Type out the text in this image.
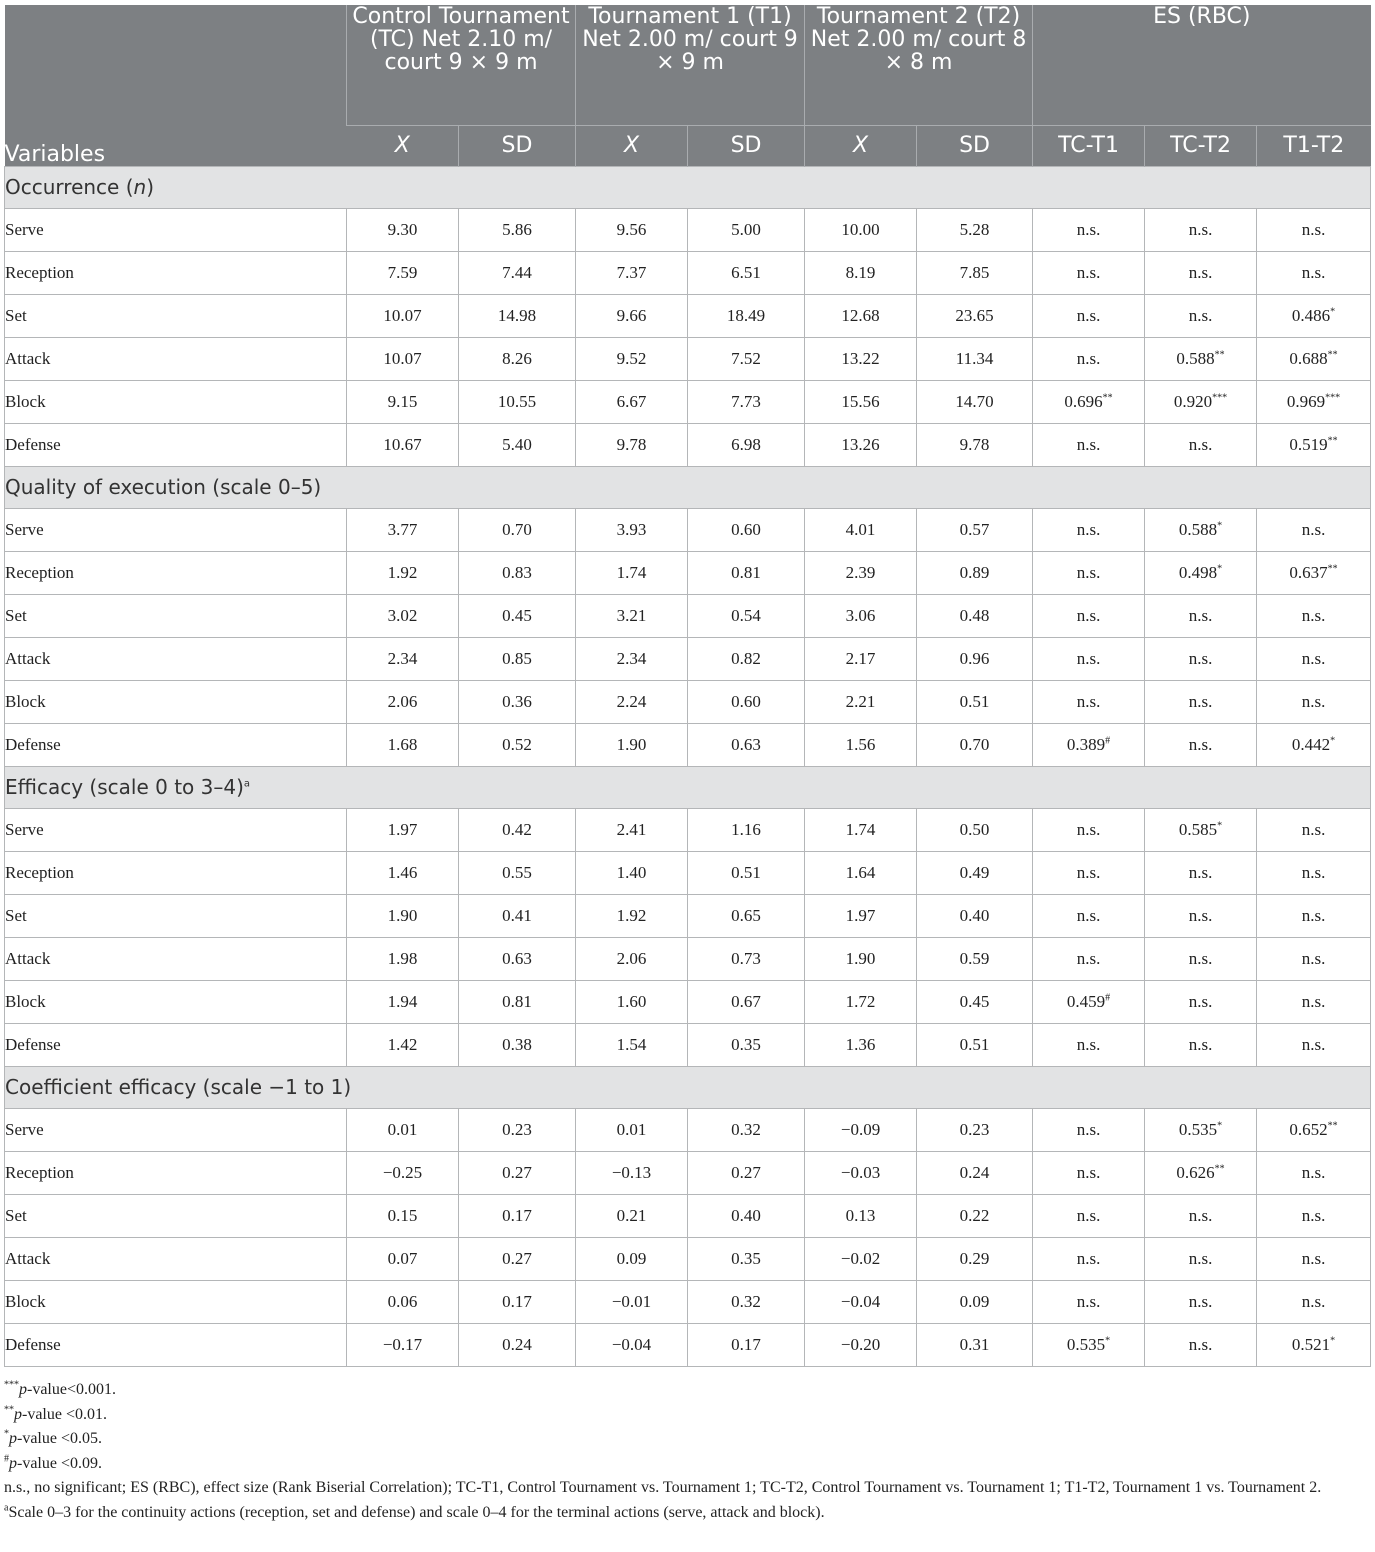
Variables	Control Tournament (TC) Net 2.10 m/ court 9 × 9 m		Tournament 1 (T1) Net 2.00 m/ court 9 × 9 m		Tournament 2 (T2) Net 2.00 m/ court 8 × 8 m		ES (RBC)		
	X	SD	X	SD	X	SD	TC-T1	TC-T2	T1-T2
Occurrence (n)									
Serve	9.30	5.86	9.56	5.00	10.00	5.28	n.s.	n.s.	n.s.
Reception	7.59	7.44	7.37	6.51	8.19	7.85	n.s.	n.s.	n.s.
Set	10.07	14.98	9.66	18.49	12.68	23.65	n.s.	n.s.	0.486*
Attack	10.07	8.26	9.52	7.52	13.22	11.34	n.s.	0.588**	0.688**
Block	9.15	10.55	6.67	7.73	15.56	14.70	0.696**	0.920***	0.969***
Defense	10.67	5.40	9.78	6.98	13.26	9.78	n.s.	n.s.	0.519**
Quality of execution (scale 0–5)									
Serve	3.77	0.70	3.93	0.60	4.01	0.57	n.s.	0.588*	n.s.
Reception	1.92	0.83	1.74	0.81	2.39	0.89	n.s.	0.498*	0.637**
Set	3.02	0.45	3.21	0.54	3.06	0.48	n.s.	n.s.	n.s.
Attack	2.34	0.85	2.34	0.82	2.17	0.96	n.s.	n.s.	n.s.
Block	2.06	0.36	2.24	0.60	2.21	0.51	n.s.	n.s.	n.s.
Defense	1.68	0.52	1.90	0.63	1.56	0.70	0.389#	n.s.	0.442*
Efficacy (scale 0 to 3–4)$^a$
Serve	1.97	0.42	2.41	1.16	1.74	0.50	n.s.	0.585*	n.s.
Reception	1.46	0.55	1.40	0.51	1.64	0.49	n.s.	n.s.	n.s.
Set	1.90	0.41	1.92	0.65	1.97	0.40	n.s.	n.s.	n.s.
Attack	1.98	0.63	2.06	0.73	1.90	0.59	n.s.	n.s.	n.s.
Block	1.94	0.81	1.60	0.67	1.72	0.45	0.459#	n.s.	n.s.
Defense	1.42	0.38	1.54	0.35	1.36	0.51	n.s.	n.s.	n.s.
Coefficient efficacy (scale −1 to 1)									
Serve	0.01	0.23	0.01	0.32	−0.09	0.23	n.s.	0.535*	0.652**
Reception	−0.25	0.27	−0.13	0.27	−0.03	0.24	n.s.	0.626**	n.s.
Set	0.15	0.17	0.21	0.40	0.13	0.22	n.s.	n.s.	n.s.
Attack	0.07	0.27	0.09	0.35	−0.02	0.29	n.s.	n.s.	n.s.
Block	0.06	0.17	−0.01	0.32	−0.04	0.09	n.s.	n.s.	n.s.
Defense	−0.17	0.24	−0.04	0.17	−0.20	0.31	0.535*	n.s.	0.521*
***p-value<0.001.
**p-value <0.01.
*p-value <0.05.
#p-value <0.09.
n.s., no significant; ES (RBC), effect size (Rank Biserial Correlation); TC-T1, Control Tournament vs. Tournament 1; TC-T2, Control Tournament vs. Tournament 1; T1-T2, Tournament 1 vs. Tournament 2.
$^a$Scale 0–3 for the continuity actions (reception, set and defense) and scale 0–4 for the terminal actions (serve, attack and block).
